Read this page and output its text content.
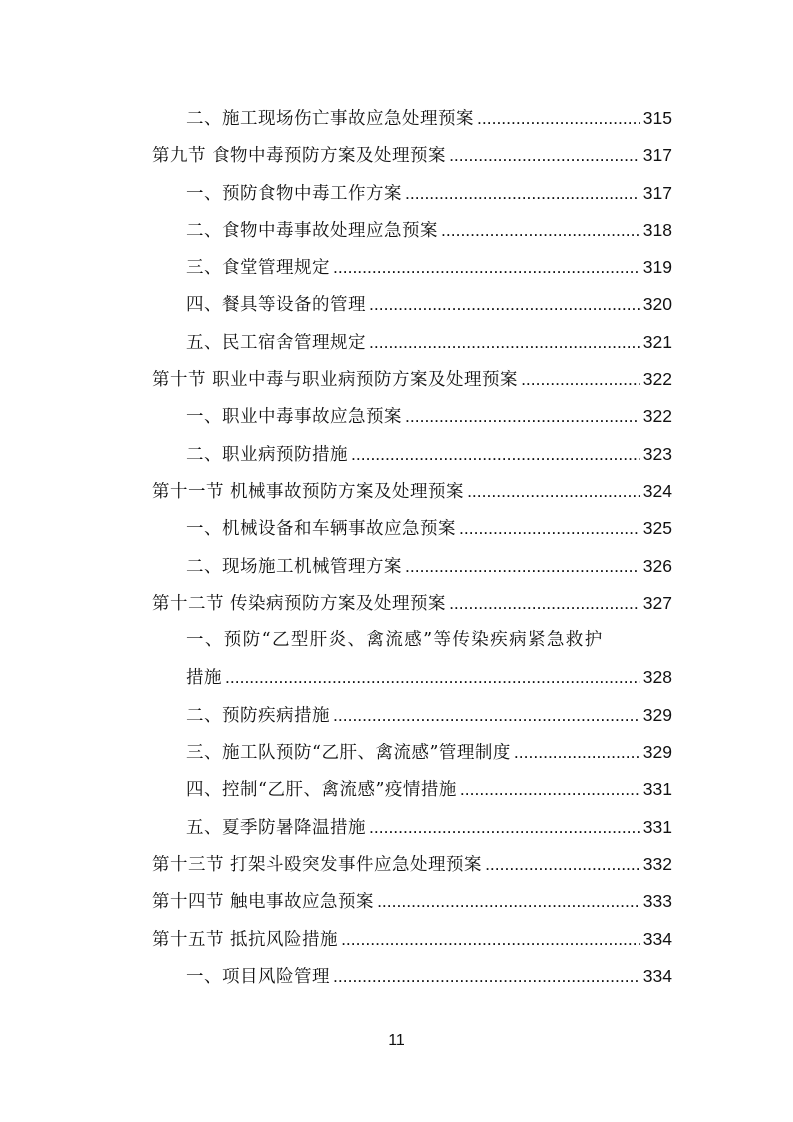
二、施工现场伤亡事故应急处理预案 .....	315
第九节 食物中毒预防方案及处理预案 .....	317
一、预防食物中毒工作方案 .....	317
二、食物中毒事故处理应急预案 .....	318
三、食堂管理规定 .....	319
四、餐具等设备的管理 .....	320
五、民工宿舍管理规定 .....	321
第十节 职业中毒与职业病预防方案及处理预案 .....	322
一、职业中毒事故应急预案 .....	322
二、职业病预防措施 .....	323
第十一节 机械事故预防方案及处理预案 .....	324
一、机械设备和车辆事故应急预案 .....	325
二、现场施工机械管理方案 .....	326
第十二节 传染病预防方案及处理预案 .....	327
一、预防“乙型肝炎、禽流感”等传染疾病紧急救护
措施 .....	328
二、预防疾病措施 .....	329
三、施工队预防“乙肝、禽流感”管理制度 .....	329
四、控制“乙肝、禽流感”疫情措施 .....	331
五、夏季防暑降温措施 .....	331
第十三节 打架斗殴突发事件应急处理预案 .....	332
第十四节 触电事故应急预案 .....	333
第十五节 抵抗风险措施 .....	334
一、项目风险管理 .....	334
11
